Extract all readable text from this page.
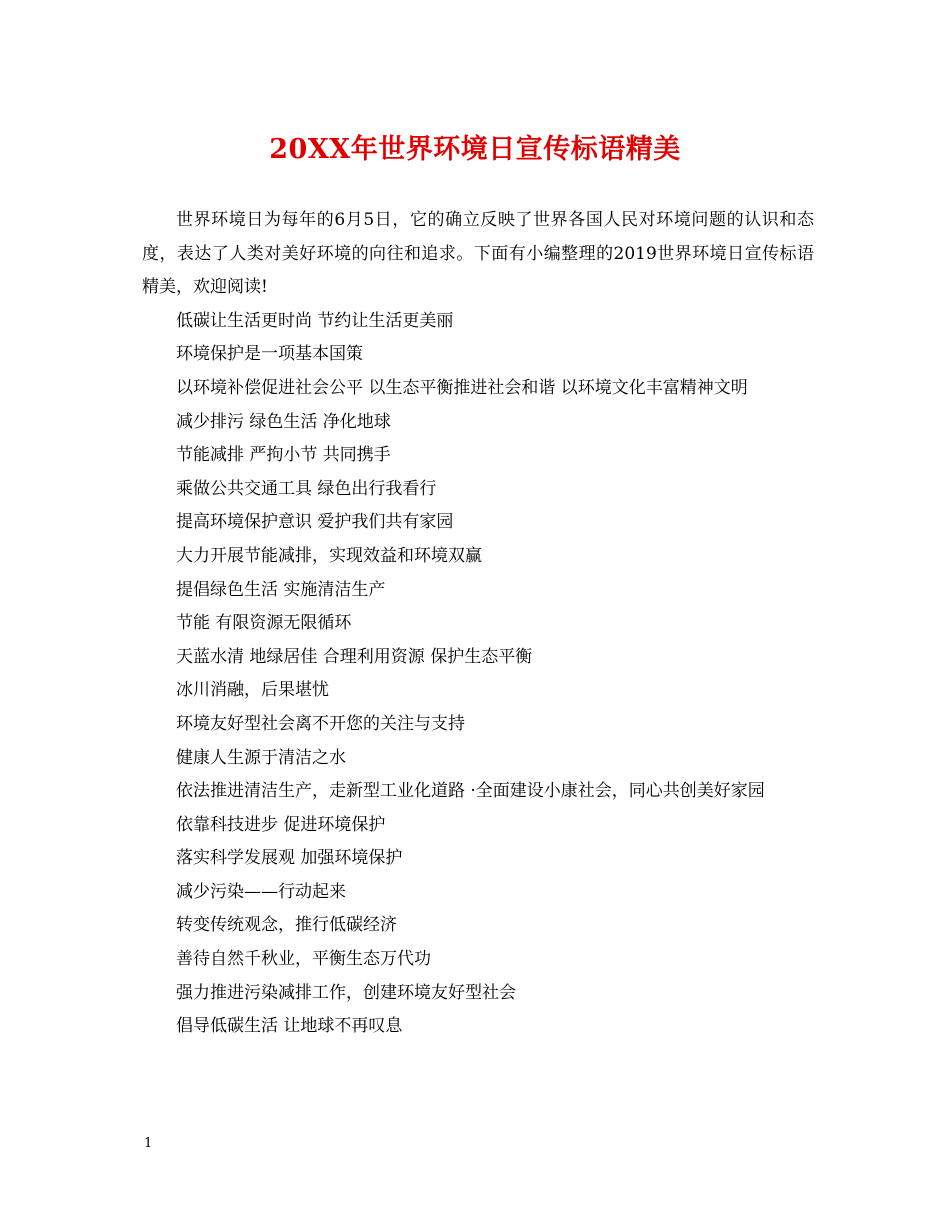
20XX年世界环境日宣传标语精美

世界环境日为每年的6月5日，它的确立反映了世界各国人民对环境问题的认识和态度，表达了人类对美好环境的向往和追求。下面有小编整理的2019世界环境日宣传标语精美，欢迎阅读!

低碳让生活更时尚 节约让生活更美丽

环境保护是一项基本国策

以环境补偿促进社会公平 以生态平衡推进社会和谐 以环境文化丰富精神文明

减少排污 绿色生活 净化地球

节能减排 严拘小节 共同携手

乘做公共交通工具 绿色出行我看行

提高环境保护意识 爱护我们共有家园

大力开展节能减排，实现效益和环境双赢

提倡绿色生活 实施清洁生产

节能 有限资源无限循环

天蓝水清 地绿居佳 合理利用资源 保护生态平衡

冰川消融，后果堪忧

环境友好型社会离不开您的关注与支持

健康人生源于清洁之水

依法推进清洁生产，走新型工业化道路 ·全面建设小康社会，同心共创美好家园

依靠科技进步 促进环境保护

落实科学发展观 加强环境保护

减少污染——行动起来

转变传统观念，推行低碳经济

善待自然千秋业，平衡生态万代功

强力推进污染减排工作，创建环境友好型社会

倡导低碳生活 让地球不再叹息

1
